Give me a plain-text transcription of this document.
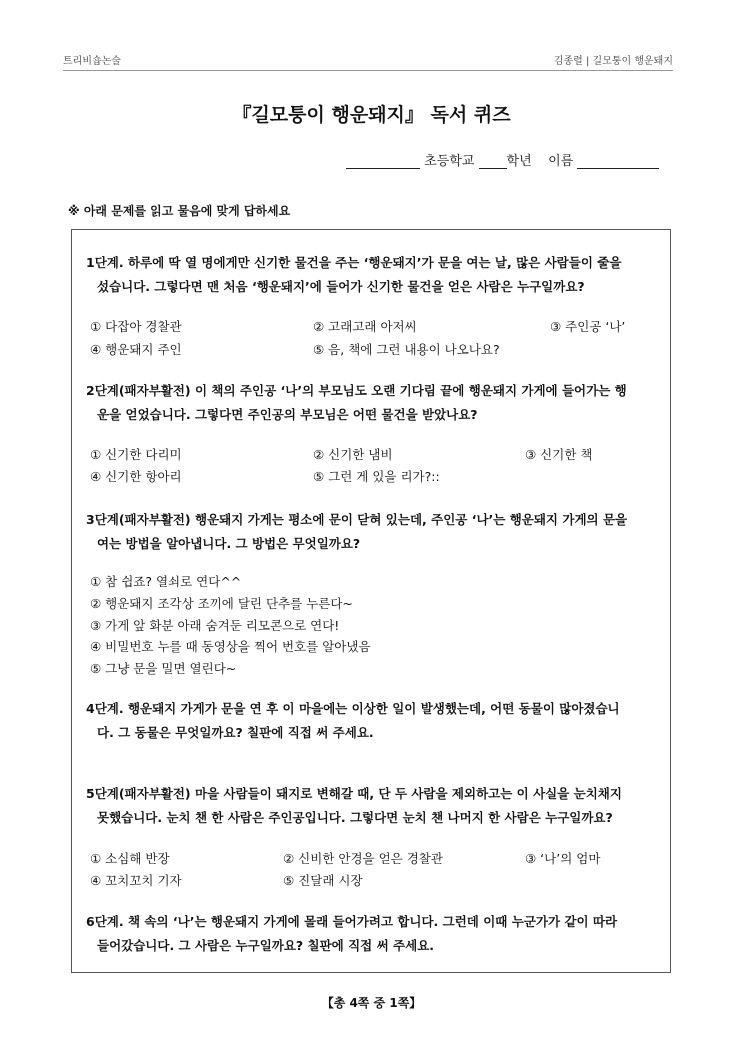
트리비숍논술	김종렬 | 길모퉁이 행운돼지
『길모퉁이 행운돼지』 독서 퀴즈
초등학교 학년 이름
※ 아래 문제를 읽고 물음에 맞게 답하세요
1단계. 하루에 딱 열 명에게만 신기한 물건을 주는 ‘행운돼지’가 문을 여는 날, 많은 사람들이 줄을
섰습니다. 그렇다면 맨 처음 ‘행운돼지’에 들어가 신기한 물건을 얻은 사람은 누구일까요?
① 다잡아 경찰관	② 고래고래 아저씨	③ 주인공 ‘나’
④ 행운돼지 주인	⑤ 음, 책에 그런 내용이 나오나요?
2단계(패자부활전) 이 책의 주인공 ‘나’의 부모님도 오랜 기다림 끝에 행운돼지 가게에 들어가는 행
운을 얻었습니다. 그렇다면 주인공의 부모님은 어떤 물건을 받았나요?
① 신기한 다리미	② 신기한 냄비	③ 신기한 책
④ 신기한 항아리	⑤ 그런 게 있을 리가?::
3단계(패자부활전) 행운돼지 가게는 평소에 문이 닫혀 있는데, 주인공 ‘나’는 행운돼지 가게의 문을
여는 방법을 알아냅니다. 그 방법은 무엇일까요?
① 참 쉽죠? 열쇠로 연다^^
② 행운돼지 조각상 조끼에 달린 단추를 누른다~
③ 가게 앞 화분 아래 숨겨둔 리모콘으로 연다!
④ 비밀번호 누를 때 동영상을 찍어 번호를 알아냈음
⑤ 그냥 문을 밀면 열린다~
4단계. 행운돼지 가게가 문을 연 후 이 마을에는 이상한 일이 발생했는데, 어떤 동물이 많아졌습니
다. 그 동물은 무엇일까요? 칠판에 직접 써 주세요.
5단계(패자부활전) 마을 사람들이 돼지로 변해갈 때, 단 두 사람을 제외하고는 이 사실을 눈치채지
못했습니다. 눈치 챈 한 사람은 주인공입니다. 그렇다면 눈치 챈 나머지 한 사람은 누구일까요?
① 소심해 반장	② 신비한 안경을 얻은 경찰관	③ ‘나’의 엄마
④ 꼬치꼬치 기자	⑤ 진달래 시장
6단계. 책 속의 ‘나’는 행운돼지 가게에 몰래 들어가려고 합니다. 그런데 이때 누군가가 같이 따라
들어갔습니다. 그 사람은 누구일까요? 칠판에 직접 써 주세요.
【총 4쪽 중 1쪽】
